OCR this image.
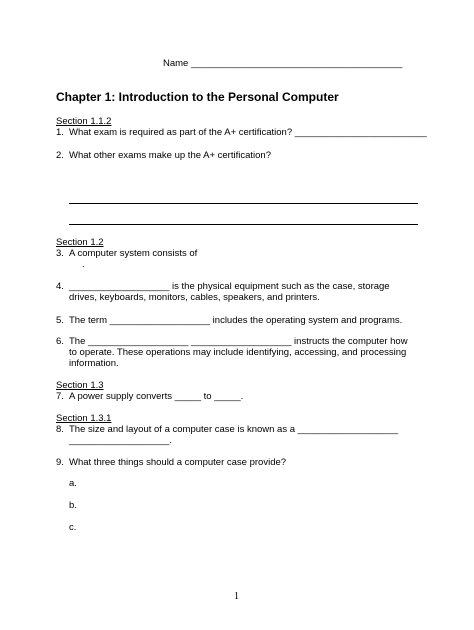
Name ________________________________________
Chapter 1: Introduction to the Personal Computer
Section 1.1.2
1. What exam is required as part of the A+ certification? _________________________
2. What other exams make up the A+ certification?
Section 1.2
3. A computer system consists of
.
4. ___________________ is the physical equipment such as the case, storage
drives, keyboards, monitors, cables, speakers, and printers.
5. The term ___________________ includes the operating system and programs.
6. The ___________________ ___________________ instructs the computer how
to operate. These operations may include identifying, accessing, and processing
information.
Section 1.3
7. A power supply converts _____ to _____.
Section 1.3.1
8. The size and layout of a computer case is known as a ___________________
___________________.
9. What three things should a computer case provide?
a.
b.
c.
1
